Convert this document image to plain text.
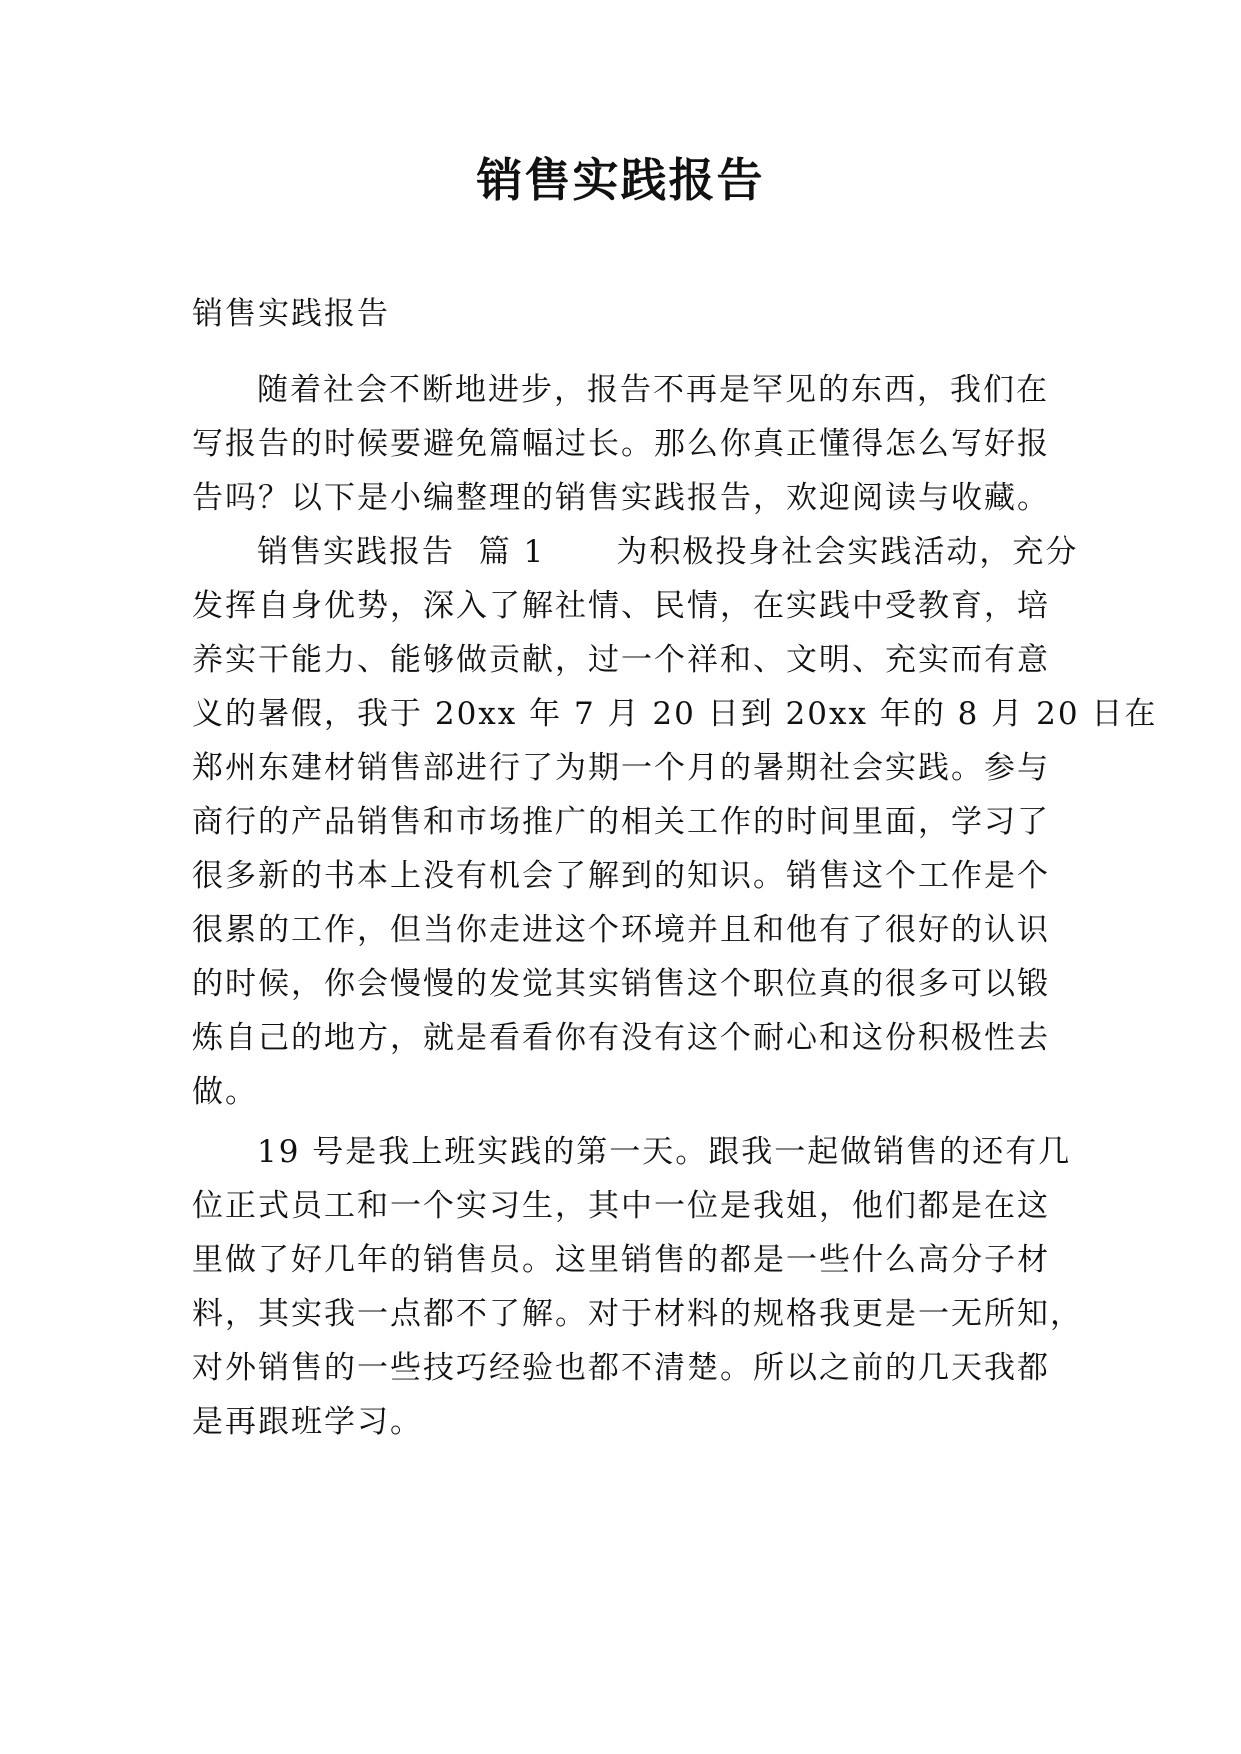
销售实践报告

销售实践报告

随着社会不断地进步，报告不再是罕见的东西，我们在

写报告的时候要避免篇幅过长。那么你真正懂得怎么写好报

告吗？以下是小编整理的销售实践报告，欢迎阅读与收藏。

销售实践报告  篇 1      为积极投身社会实践活动，充分

发挥自身优势，深入了解社情、民情，在实践中受教育，培

养实干能力、能够做贡献，过一个祥和、文明、充实而有意

义的暑假，我于 20xx 年 7 月 20 日到 20xx 年的 8 月 20 日在

郑州东建材销售部进行了为期一个月的暑期社会实践。参与

商行的产品销售和市场推广的相关工作的时间里面，学习了

很多新的书本上没有机会了解到的知识。销售这个工作是个

很累的工作，但当你走进这个环境并且和他有了很好的认识

的时候，你会慢慢的发觉其实销售这个职位真的很多可以锻

炼自己的地方，就是看看你有没有这个耐心和这份积极性去

做。

19 号是我上班实践的第一天。跟我一起做销售的还有几

位正式员工和一个实习生，其中一位是我姐，他们都是在这

里做了好几年的销售员。这里销售的都是一些什么高分子材

料，其实我一点都不了解。对于材料的规格我更是一无所知，

对外销售的一些技巧经验也都不清楚。所以之前的几天我都

是再跟班学习。
